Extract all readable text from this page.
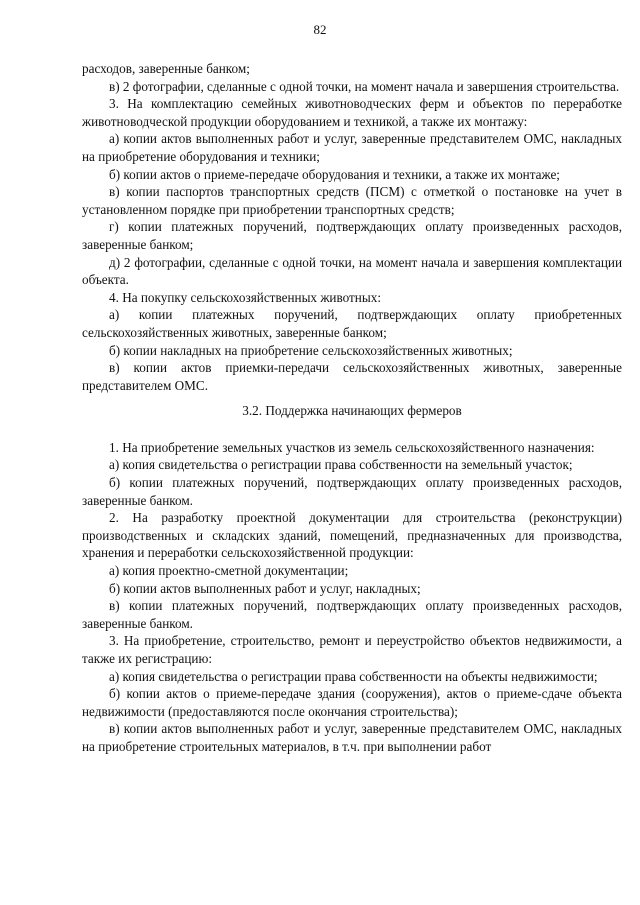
82

расходов, заверенные банком;

в) 2 фотографии, сделанные с одной точки, на момент начала и завершения строительства.

3. На комплектацию семейных животноводческих ферм и объектов по переработке животноводческой продукции оборудованием и техникой, а также их монтажу:

а) копии актов выполненных работ и услуг, заверенные представителем ОМС, накладных на приобретение оборудования и техники;

б) копии актов о приеме-передаче оборудования и техники, а также их монтаже;

в) копии паспортов транспортных средств (ПСМ) с отметкой о постановке на учет в установленном порядке при приобретении транспортных средств;

г) копии платежных поручений, подтверждающих оплату произведенных расходов, заверенные банком;

д) 2 фотографии, сделанные с одной точки, на момент начала и завершения комплектации объекта.

4. На покупку сельскохозяйственных животных:

а) копии платежных поручений, подтверждающих оплату приобретенных сельскохозяйственных животных, заверенные банком;

б) копии накладных на приобретение сельскохозяйственных животных;

в) копии актов приемки-передачи сельскохозяйственных животных, заверенные представителем ОМС.

3.2. Поддержка начинающих фермеров

1. На приобретение земельных участков из земель сельскохозяйственного назначения:

а) копия свидетельства о регистрации права собственности на земельный участок;

б) копии платежных поручений, подтверждающих оплату произведенных расходов, заверенные банком.

2. На разработку проектной документации для строительства (реконструкции) производственных и складских зданий, помещений, предназначенных для производства, хранения и переработки сельскохозяйственной продукции:

а) копия проектно-сметной документации;

б) копии актов выполненных работ и услуг, накладных;

в) копии платежных поручений, подтверждающих оплату произведенных расходов, заверенные банком.

3. На приобретение, строительство, ремонт и переустройство объектов недвижимости, а также их регистрацию:

а) копия свидетельства о регистрации права собственности на объекты недвижимости;

б) копии актов о приеме-передаче здания (сооружения), актов о приеме-сдаче объекта недвижимости (предоставляются после окончания строительства);

в) копии актов выполненных работ и услуг, заверенные представителем ОМС, накладных на приобретение строительных материалов, в т.ч. при выполнении работ
